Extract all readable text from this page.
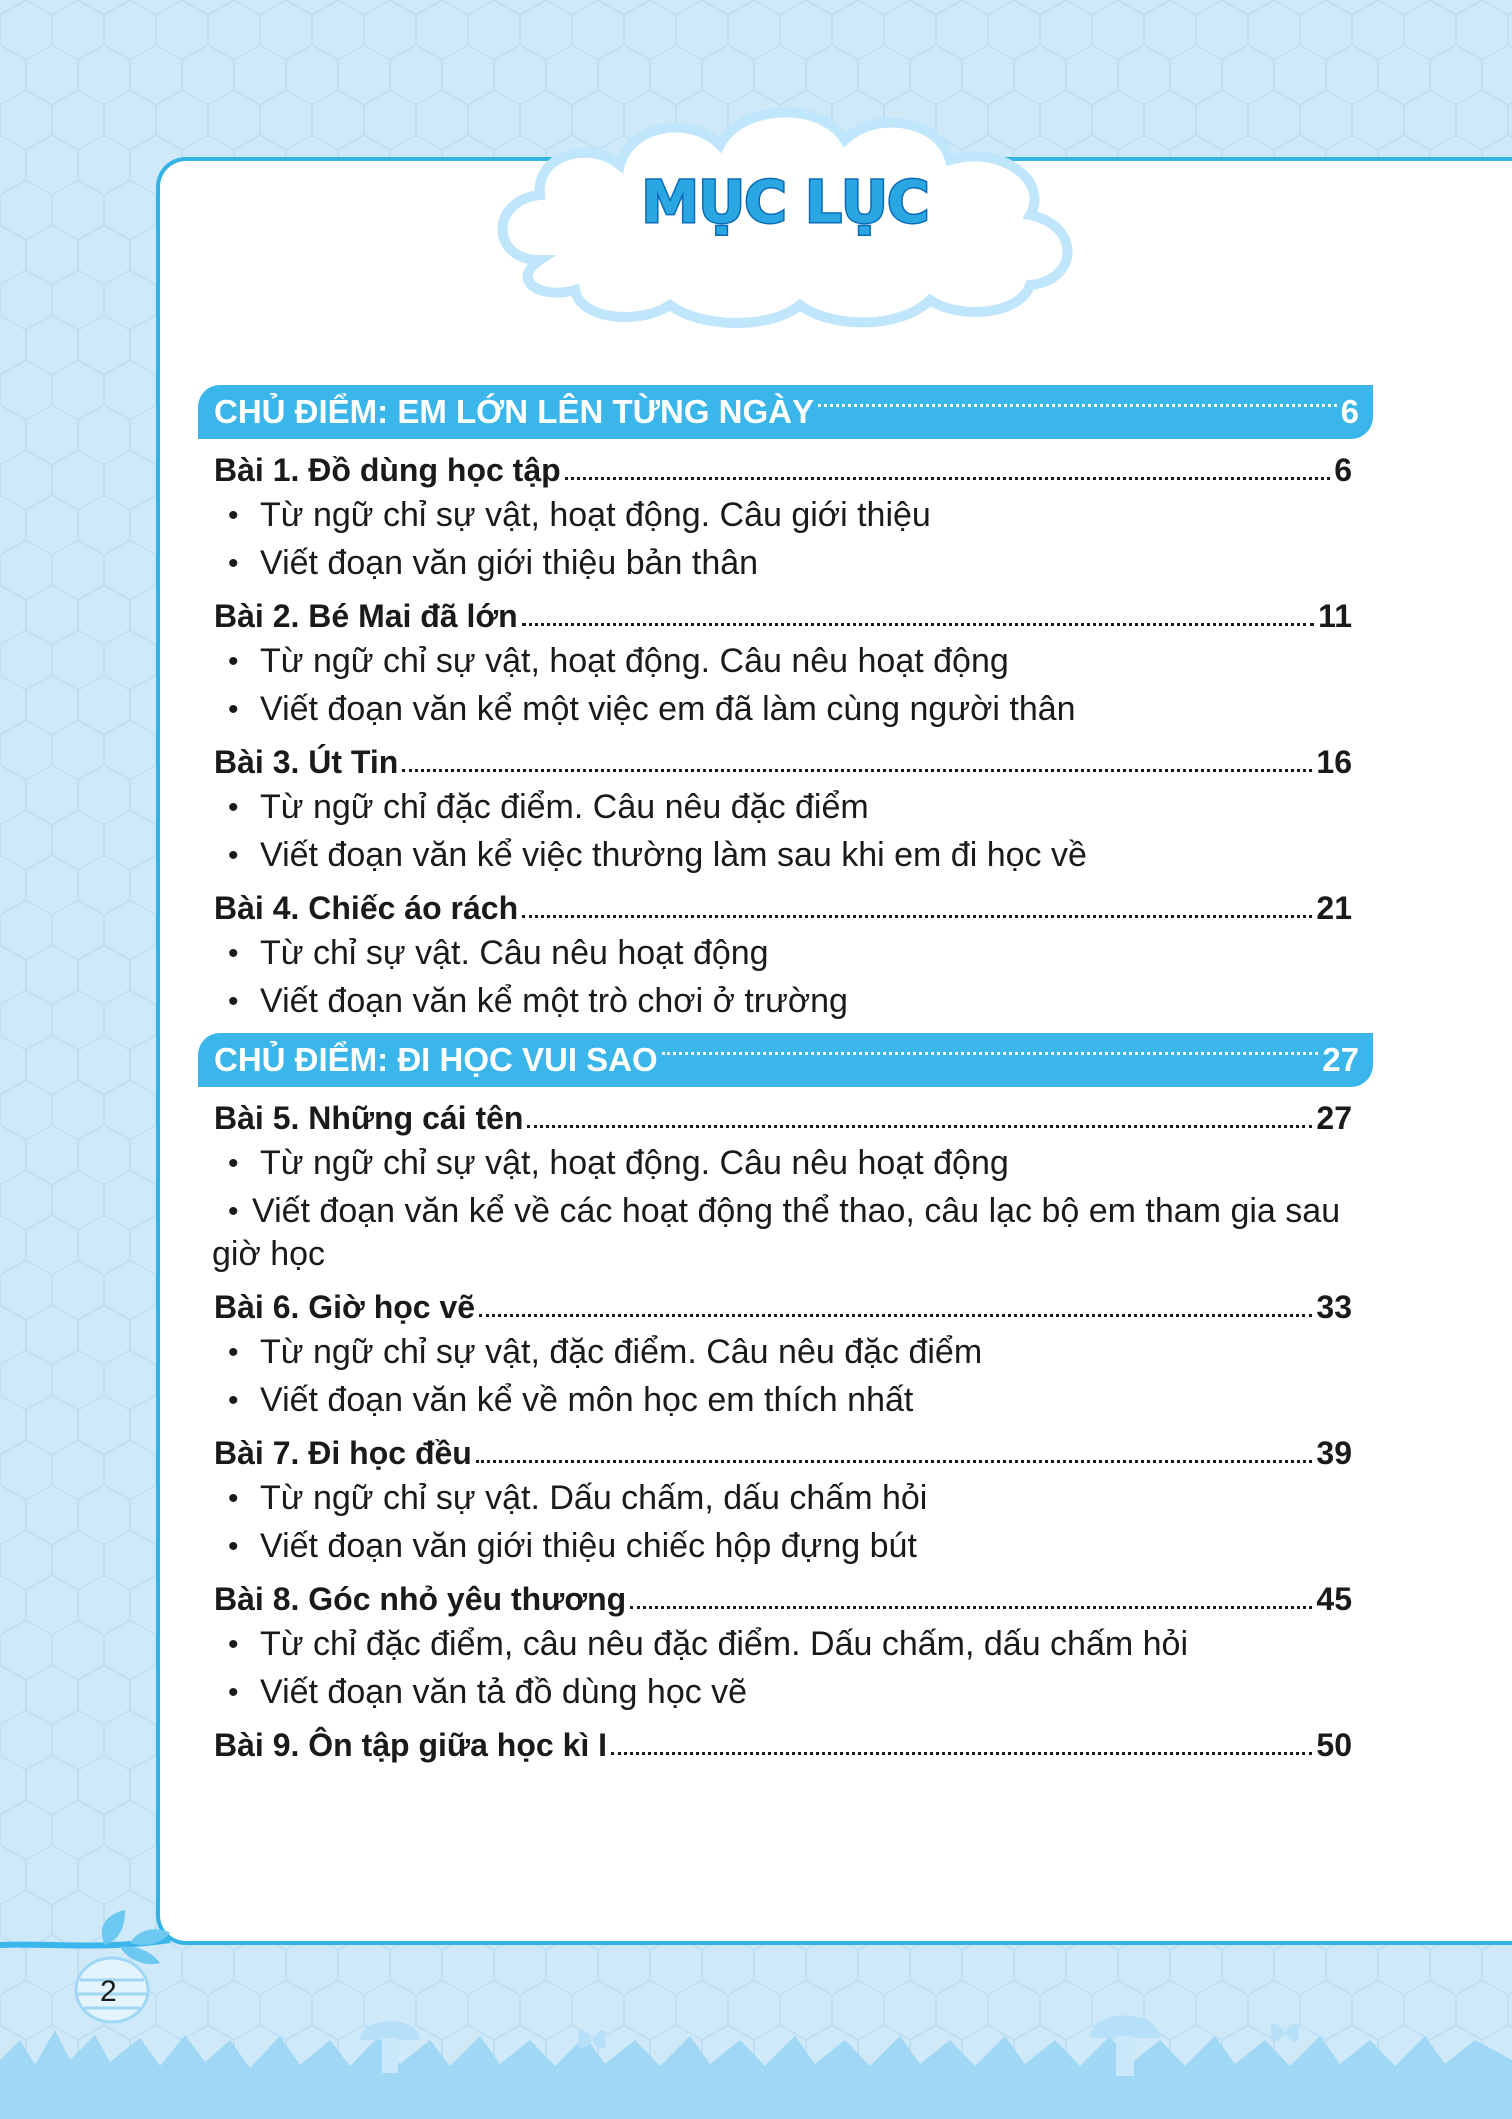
MỤC LỤC
CHỦ ĐIỂM: EM LỚN LÊN TỪNG NGÀY	6
Bài 1. Đồ dùng học tập	6
• Từ ngữ chỉ sự vật, hoạt động. Câu giới thiệu
• Viết đoạn văn giới thiệu bản thân
Bài 2. Bé Mai đã lớn	11
• Từ ngữ chỉ sự vật, hoạt động. Câu nêu hoạt động
• Viết đoạn văn kể một việc em đã làm cùng người thân
Bài 3. Út Tin	16
• Từ ngữ chỉ đặc điểm. Câu nêu đặc điểm
• Viết đoạn văn kể việc thường làm sau khi em đi học về
Bài 4. Chiếc áo rách	21
• Từ chỉ sự vật. Câu nêu hoạt động
• Viết đoạn văn kể một trò chơi ở trường
CHỦ ĐIỂM: ĐI HỌC VUI SAO	27
Bài 5. Những cái tên	27
• Từ ngữ chỉ sự vật, hoạt động. Câu nêu hoạt động
• Viết đoạn văn kể về các hoạt động thể thao, câu lạc bộ em tham gia sau giờ học
Bài 6. Giờ học vẽ	33
• Từ ngữ chỉ sự vật, đặc điểm. Câu nêu đặc điểm
• Viết đoạn văn kể về môn học em thích nhất
Bài 7. Đi học đều	39
• Từ ngữ chỉ sự vật. Dấu chấm, dấu chấm hỏi
• Viết đoạn văn giới thiệu chiếc hộp đựng bút
Bài 8. Góc nhỏ yêu thương	45
• Từ chỉ đặc điểm, câu nêu đặc điểm. Dấu chấm, dấu chấm hỏi
• Viết đoạn văn tả đồ dùng học vẽ
Bài 9. Ôn tập giữa học kì I	50
2
